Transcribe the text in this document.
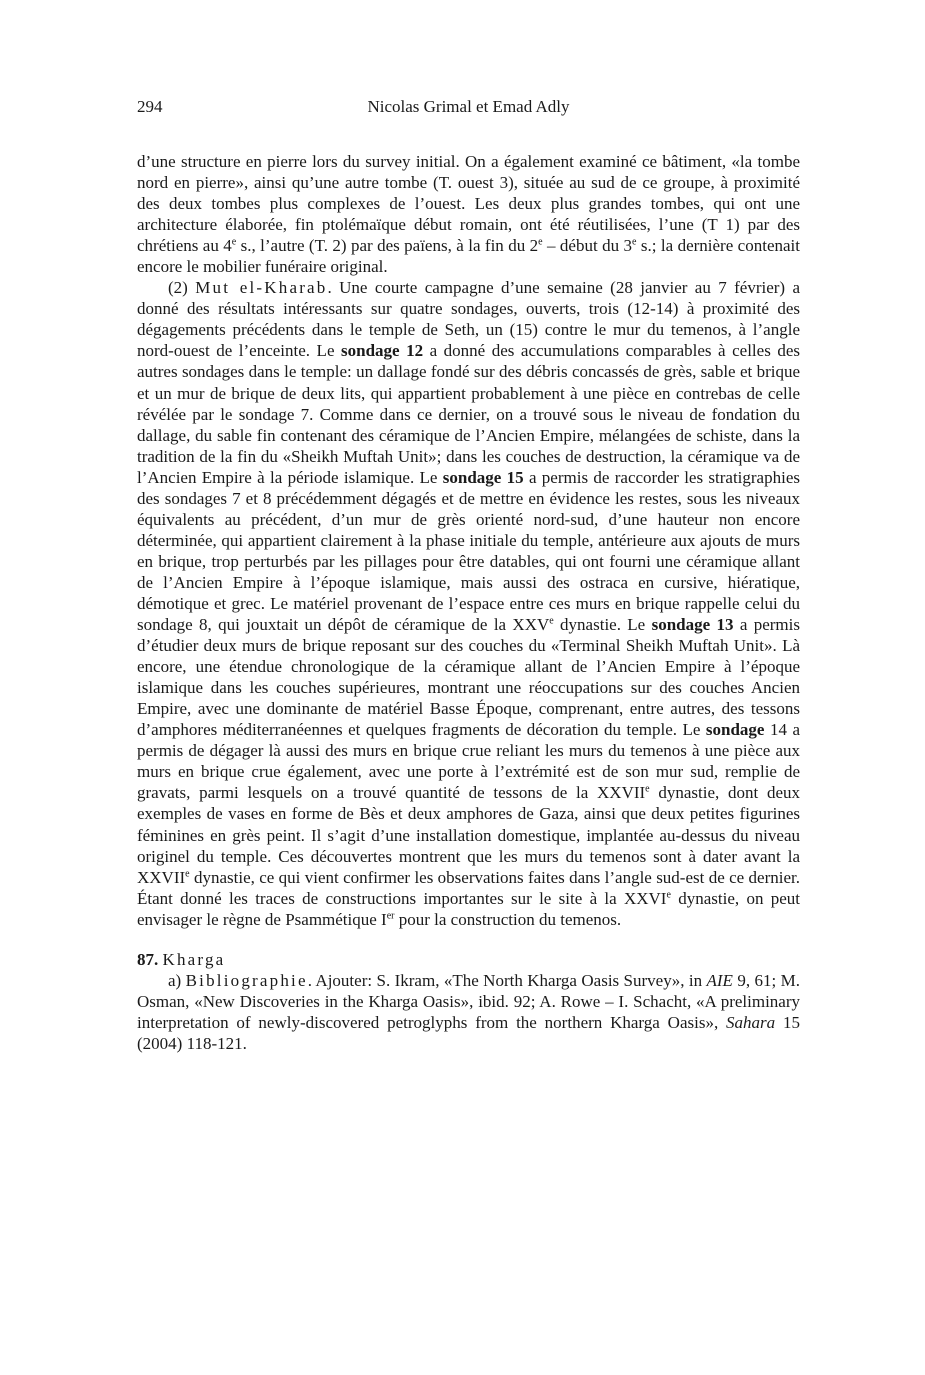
294	Nicolas Grimal et Emad Adly

d’une structure en pierre lors du survey initial. On a également examiné ce bâtiment, «la tombe nord en pierre», ainsi qu’une autre tombe (T. ouest 3), située au sud de ce groupe, à proximité des deux tombes plus complexes de l’ouest. Les deux plus grandes tombes, qui ont une architecture élaborée, fin ptolémaïque début romain, ont été réutilisées, l’une (T 1) par des chrétiens au 4e s., l’autre (T. 2) par des païens, à la fin du 2e – début du 3e s.; la dernière contenait encore le mobilier funéraire original.

(2) Mut el-Kharab. Une courte campagne d’une semaine (28 janvier au 7 février) a donné des résultats intéressants sur quatre sondages, ouverts, trois (12-14) à proximité des dégagements précédents dans le temple de Seth, un (15) contre le mur du temenos, à l’angle nord-ouest de l’enceinte. Le sondage 12 a donné des accumulations comparables à celles des autres sondages dans le temple: un dallage fondé sur des débris concassés de grès, sable et brique et un mur de brique de deux lits, qui appartient probablement à une pièce en contrebas de celle révélée par le sondage 7. Comme dans ce dernier, on a trouvé sous le niveau de fondation du dallage, du sable fin contenant des céramique de l’Ancien Empire, mélangées de schiste, dans la tradition de la fin du «Sheikh Muftah Unit»; dans les couches de destruction, la céramique va de l’Ancien Empire à la période islamique. Le sondage 15 a permis de raccorder les stratigraphies des sondages 7 et 8 précédemment dégagés et de mettre en évidence les restes, sous les niveaux équivalents au précédent, d’un mur de grès orienté nord-sud, d’une hauteur non encore déterminée, qui appartient clairement à la phase initiale du temple, antérieure aux ajouts de murs en brique, trop perturbés par les pillages pour être datables, qui ont fourni une céramique allant de l’Ancien Empire à l’époque islamique, mais aussi des ostraca en cursive, hiératique, démotique et grec. Le matériel provenant de l’espace entre ces murs en brique rappelle celui du sondage 8, qui jouxtait un dépôt de céramique de la XXVe dynastie. Le sondage 13 a permis d’étudier deux murs de brique reposant sur des couches du «Terminal Sheikh Muftah Unit». Là encore, une étendue chronologique de la céramique allant de l’Ancien Empire à l’époque islamique dans les couches supérieures, montrant une réoccupations sur des couches Ancien Empire, avec une dominante de matériel Basse Époque, comprenant, entre autres, des tessons d’amphores méditerranéennes et quelques fragments de décoration du temple. Le sondage 14 a permis de dégager là aussi des murs en brique crue reliant les murs du temenos à une pièce aux murs en brique crue également, avec une porte à l’extrémité est de son mur sud, remplie de gravats, parmi lesquels on a trouvé quantité de tessons de la XXVIIe dynastie, dont deux exemples de vases en forme de Bès et deux amphores de Gaza, ainsi que deux petites figurines féminines en grès peint. Il s’agit d’une installation domestique, implantée au-dessus du niveau originel du temple. Ces découvertes montrent que les murs du temenos sont à dater avant la XXVIIe dynastie, ce qui vient confirmer les observations faites dans l’angle sud-est de ce dernier. Étant donné les traces de constructions importantes sur le site à la XXVIe dynastie, on peut envisager le règne de Psammétique Ier pour la construction du temenos.

87. Kharga

a) Bibliographie. Ajouter: S. Ikram, «The North Kharga Oasis Survey», in AIE 9, 61; M. Osman, «New Discoveries in the Kharga Oasis», ibid. 92; A. Rowe – I. Schacht, «A preliminary interpretation of newly-discovered petroglyphs from the northern Kharga Oasis», Sahara 15 (2004) 118-121.
